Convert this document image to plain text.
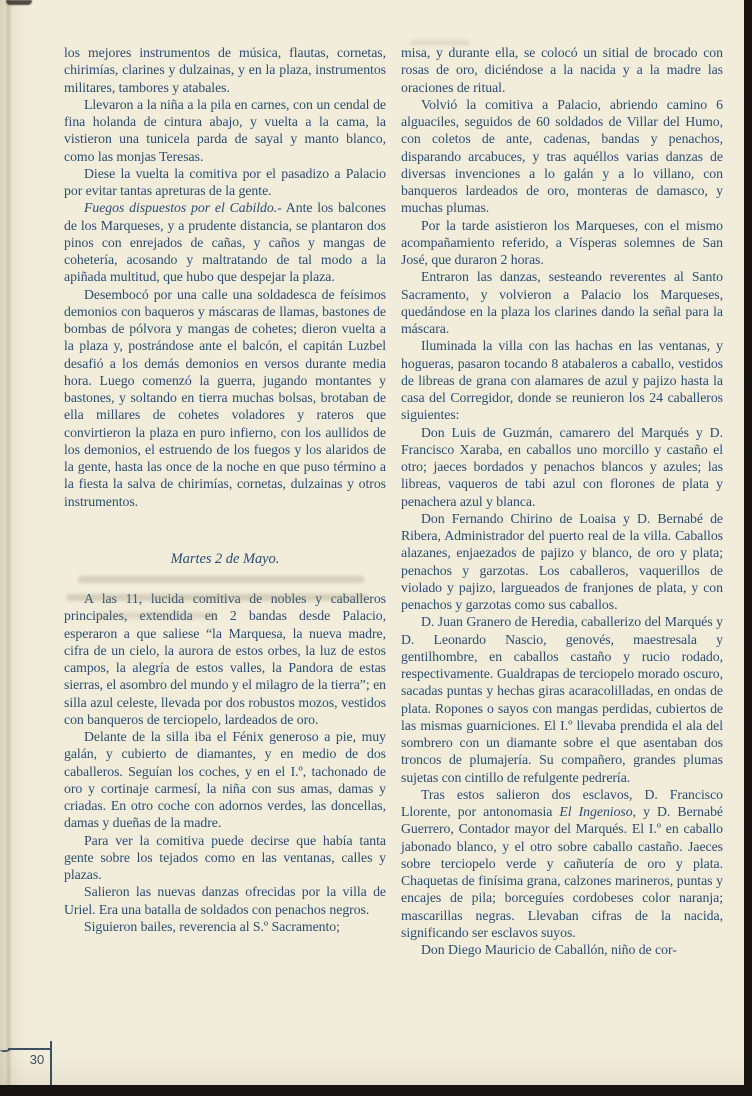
los mejores instrumentos de música, flautas, cornetas, chirimías, clarines y dulzainas, y en la plaza, instrumentos militares, tambores y atabales.

Llevaron a la niña a la pila en carnes, con un cendal de fina holanda de cintura abajo, y vuelta a la cama, la vistieron una tunicela parda de sayal y manto blanco, como las monjas Teresas.

Diese la vuelta la comitiva por el pasadizo a Palacio por evitar tantas apreturas de la gente.

Fuegos dispuestos por el Cabildo.- Ante los balcones de los Marqueses, y a prudente distancia, se plantaron dos pinos con enrejados de cañas, y caños y mangas de cohetería, acosando y maltratando de tal modo a la apiñada multitud, que hubo que despejar la plaza.

Desembocó por una calle una soldadesca de feísimos demonios con baqueros y máscaras de llamas, bastones de bombas de pólvora y mangas de cohetes; dieron vuelta a la plaza y, postrándose ante el balcón, el capitán Luzbel desafió a los demás demonios en versos durante media hora. Luego comenzó la guerra, jugando montantes y bastones, y soltando en tierra muchas bolsas, brotaban de ella millares de cohetes voladores y rateros que convirtieron la plaza en puro infierno, con los aullidos de los demonios, el estruendo de los fuegos y los alaridos de la gente, hasta las once de la noche en que puso término a la fiesta la salva de chirimías, cornetas, dulzainas y otros instrumentos.

Martes 2 de Mayo.

A las 11, lucida comitiva de nobles y caballeros principales, extendida en 2 bandas desde Palacio, esperaron a que saliese “la Marquesa, la nueva madre, cifra de un cielo, la aurora de estos orbes, la luz de estos campos, la alegría de estos valles, la Pandora de estas sierras, el asombro del mundo y el milagro de la tierra”; en silla azul celeste, llevada por dos robustos mozos, vestidos con banqueros de terciopelo, lardeados de oro.

Delante de la silla iba el Fénix generoso a pie, muy galán, y cubierto de diamantes, y en medio de dos caballeros. Seguían los coches, y en el I.º, tachonado de oro y cortinaje carmesí, la niña con sus amas, damas y criadas. En otro coche con adornos verdes, las doncellas, damas y dueñas de la madre.

Para ver la comitiva puede decirse que había tanta gente sobre los tejados como en las ventanas, calles y plazas.

Salieron las nuevas danzas ofrecidas por la villa de Uriel. Era una batalla de soldados con penachos negros.

Siguieron bailes, reverencia al S.º Sacramento;

misa, y durante ella, se colocó un sitial de brocado con rosas de oro, diciéndose a la nacida y a la madre las oraciones de ritual.

Volvió la comitiva a Palacio, abriendo camino 6 alguaciles, seguidos de 60 soldados de Villar del Humo, con coletos de ante, cadenas, bandas y penachos, disparando arcabuces, y tras aquéllos varias danzas de diversas invenciones a lo galán y a lo villano, con banqueros lardeados de oro, monteras de damasco, y muchas plumas.

Por la tarde asistieron los Marqueses, con el mismo acompañamiento referido, a Vísperas solemnes de San José, que duraron 2 horas.

Entraron las danzas, sesteando reverentes al Santo Sacramento, y volvieron a Palacio los Marqueses, quedándose en la plaza los clarines dando la señal para la máscara.

Iluminada la villa con las hachas en las ventanas, y hogueras, pasaron tocando 8 atabaleros a caballo, vestidos de libreas de grana con alamares de azul y pajizo hasta la casa del Corregidor, donde se reunieron los 24 caballeros siguientes:

Don Luis de Guzmán, camarero del Marqués y D. Francisco Xaraba, en caballos uno morcillo y castaño el otro; jaeces bordados y penachos blancos y azules; las libreas, vaqueros de tabi azul con florones de plata y penachera azul y blanca.

Don Fernando Chirino de Loaisa y D. Bernabé de Ribera, Administrador del puerto real de la villa. Caballos alazanes, enjaezados de pajizo y blanco, de oro y plata; penachos y garzotas. Los caballeros, vaquerillos de violado y pajizo, largueados de franjones de plata, y con penachos y garzotas como sus caballos.

D. Juan Granero de Heredia, caballerizo del Marqués y D. Leonardo Nascio, genovés, maestresala y gentilhombre, en caballos castaño y rucio rodado, respectivamente. Gualdrapas de terciopelo morado oscuro, sacadas puntas y hechas giras acaracolilladas, en ondas de plata. Ropones o sayos con mangas perdidas, cubiertos de las mismas guarniciones. El I.º llevaba prendida el ala del sombrero con un diamante sobre el que asentaban dos troncos de plumajería. Su compañero, grandes plumas sujetas con cintillo de refulgente pedrería.

Tras estos salieron dos esclavos, D. Francisco Llorente, por antonomasia El Ingenioso, y D. Bernabé Guerrero, Contador mayor del Marqués. El I.º en caballo jabonado blanco, y el otro sobre caballo castaño. Jaeces sobre terciopelo verde y cañutería de oro y plata. Chaquetas de finísima grana, calzones marineros, puntas y encajes de pila; borceguíes cordobeses color naranja; mascarillas negras. Llevaban cifras de la nacida, significando ser esclavos suyos.

Don Diego Mauricio de Caballón, niño de cor-

30
